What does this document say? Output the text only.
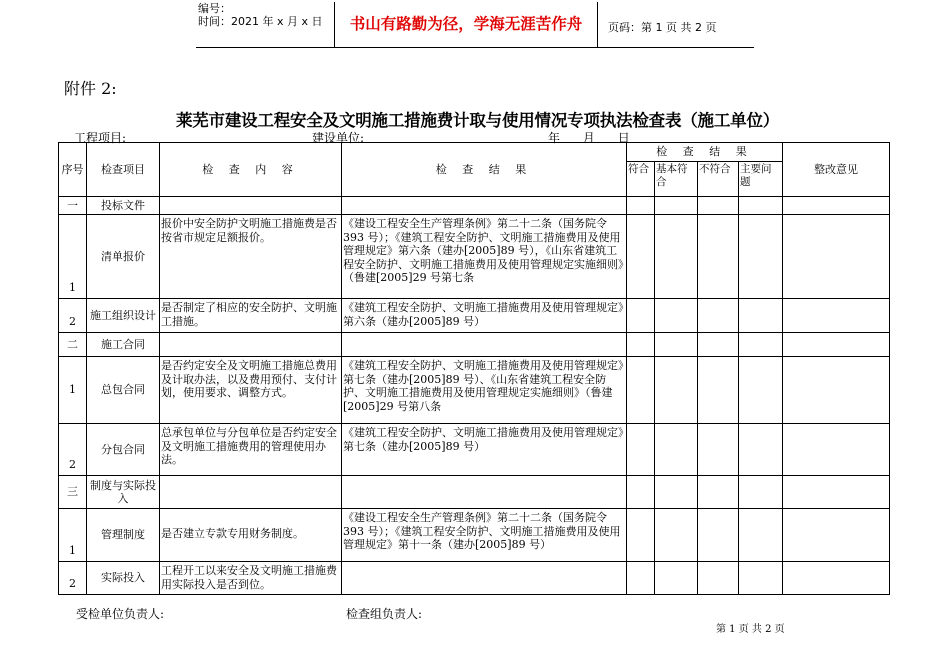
编号：
时间：2021 年 x 月 x 日	书山有路勤为径，学海无涯苦作舟	页码：第 1 页 共 2 页
附件 2:
莱芜市建设工程安全及文明施工措施费计取与使用情况专项执法检查表（施工单位）
工程项目:	建设单位:	年      月      日
序号	检查项目	检 查 内 容	检 查 结 果	检 查 结 果				整改意见
				符合	基本符合	不符合	主要问题	
一	投标文件							
1	清单报价	报价中安全防护文明施工措施费是否按省市规定足额报价。	《建设工程安全生产管理条例》第二十二条（国务院令 393 号）；《建筑工程安全防护、文明施工措施费用及使用管理规定》第六条（建办[2005]89 号），《山东省建筑工程安全防护、文明施工措施费用及使用管理规定实施细则》（鲁建[2005]29 号第七条					
2	施工组织设计	是否制定了相应的安全防护、文明施工措施。	《建筑工程安全防护、文明施工措施费用及使用管理规定》第六条（建办[2005]89 号）					
二	施工合同							
1	总包合同	是否约定安全及文明施工措施总费用及计取办法，以及费用预付、支付计划，使用要求、调整方式。	《建筑工程安全防护、文明施工措施费用及使用管理规定》第七条（建办[2005]89 号）、《山东省建筑工程安全防护、文明施工措施费用及使用管理规定实施细则》（鲁建[2005]29 号第八条					
2	分包合同	总承包单位与分包单位是否约定安全及文明施工措施费用的管理使用办法。	《建筑工程安全防护、文明施工措施费用及使用管理规定》第七条（建办[2005]89 号）					
三	制度与实际投入							
1	管理制度	是否建立专款专用财务制度。	《建设工程安全生产管理条例》第二十二条（国务院令 393 号）；《建筑工程安全防护、文明施工措施费用及使用管理规定》第十一条（建办[2005]89 号）					
2	实际投入	工程开工以来安全及文明施工措施费用实际投入是否到位。						
受检单位负责人:	检查组负责人:
第 1 页 共 2 页
